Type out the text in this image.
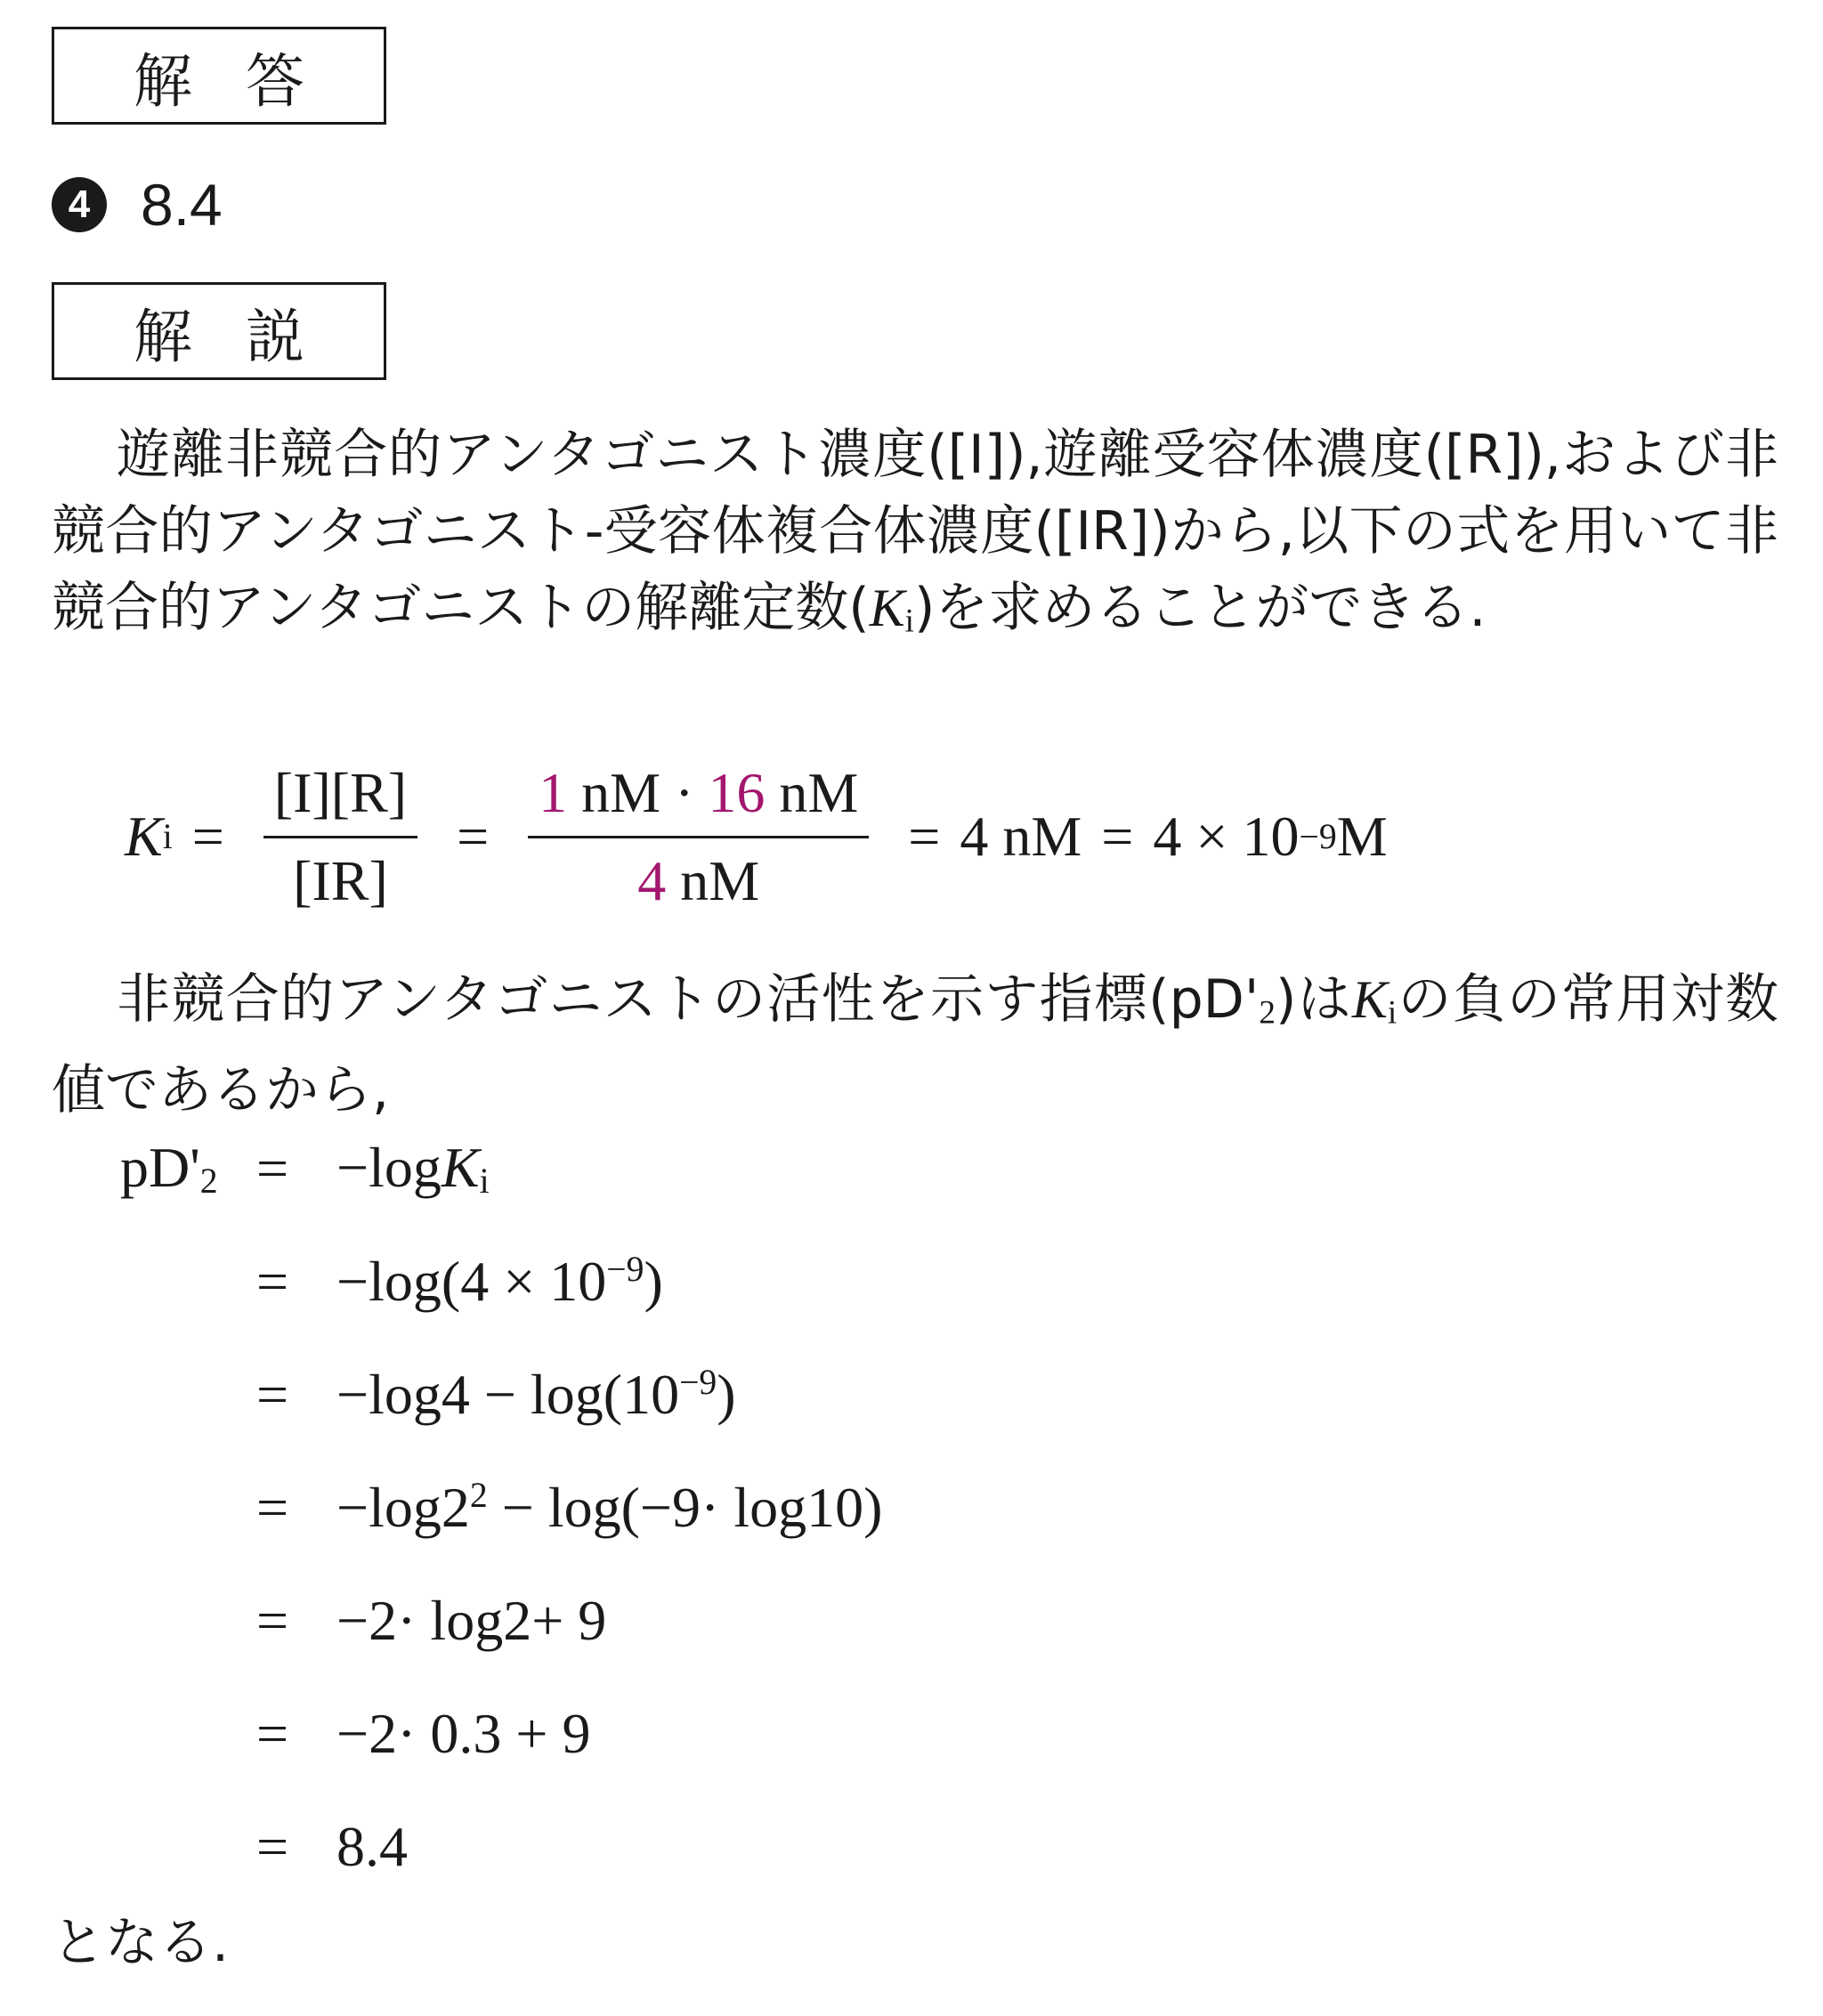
解答
4 8.4
解説
遊離非競合的アンタゴニスト濃度([I]),遊離受容体濃度([R]),および非競合的アンタゴニスト‑受容体複合体濃度([IR])から,以下の式を用いて非競合的アンタゴニストの解離定数(Ki)を求めることができる.
K $i = \frac{[I][R]}{[IR]} = \frac{1 nM \cdot 16 nM}{4 nM} = 4$ nM = 4 × 10 −9 M
非競合的アンタゴニストの活性を示す指標(pD'2)はKiの負の常用対数値であるから,
pD'2 = −logKi
= $-\log(4 \times 10^{-9})$
= $-\log 4 - \log(10^{-9})$
= $-\log 2^2 - \log(-9\cdot \log 10)$
= −2· log2+ 9
= −2· 0.3 + 9
= 8.4
となる.
